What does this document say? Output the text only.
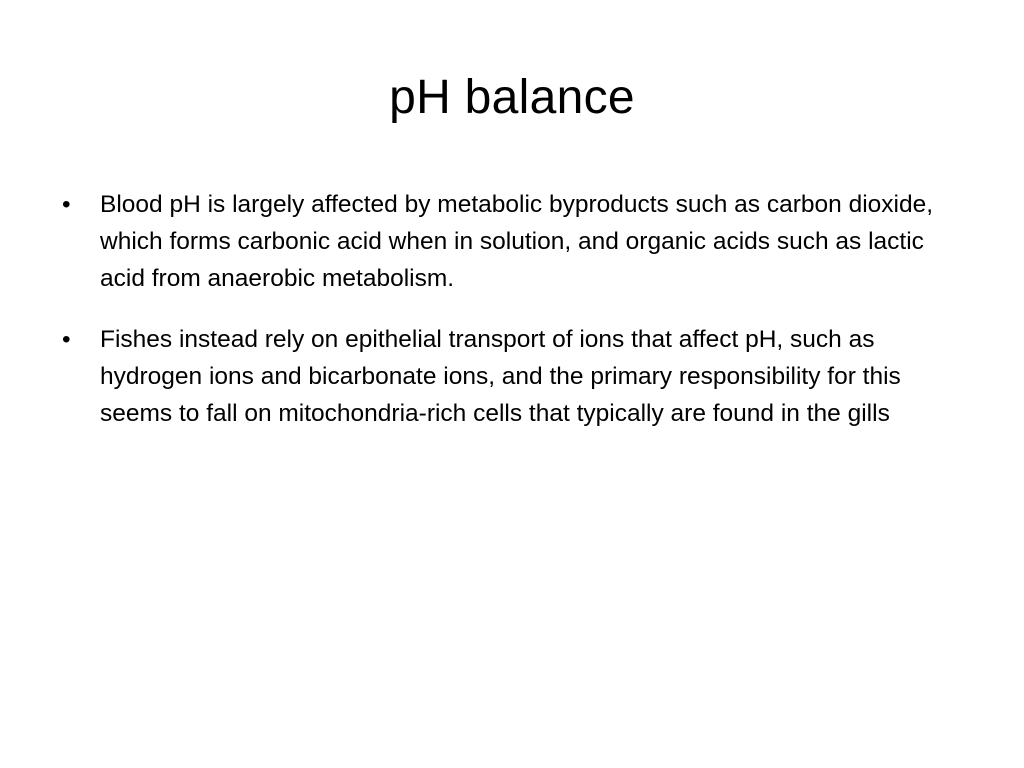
pH balance
•	Blood pH is largely affected by metabolic byproducts such as carbon dioxide, which forms carbonic acid when in solution, and organic acids such as lactic acid from anaerobic metabolism.
•	Fishes instead rely on epithelial transport of ions that affect pH, such as hydrogen ions and bicarbonate ions, and the primary responsibility for this seems to fall on mitochondria-rich cells that typically are found in the gills
